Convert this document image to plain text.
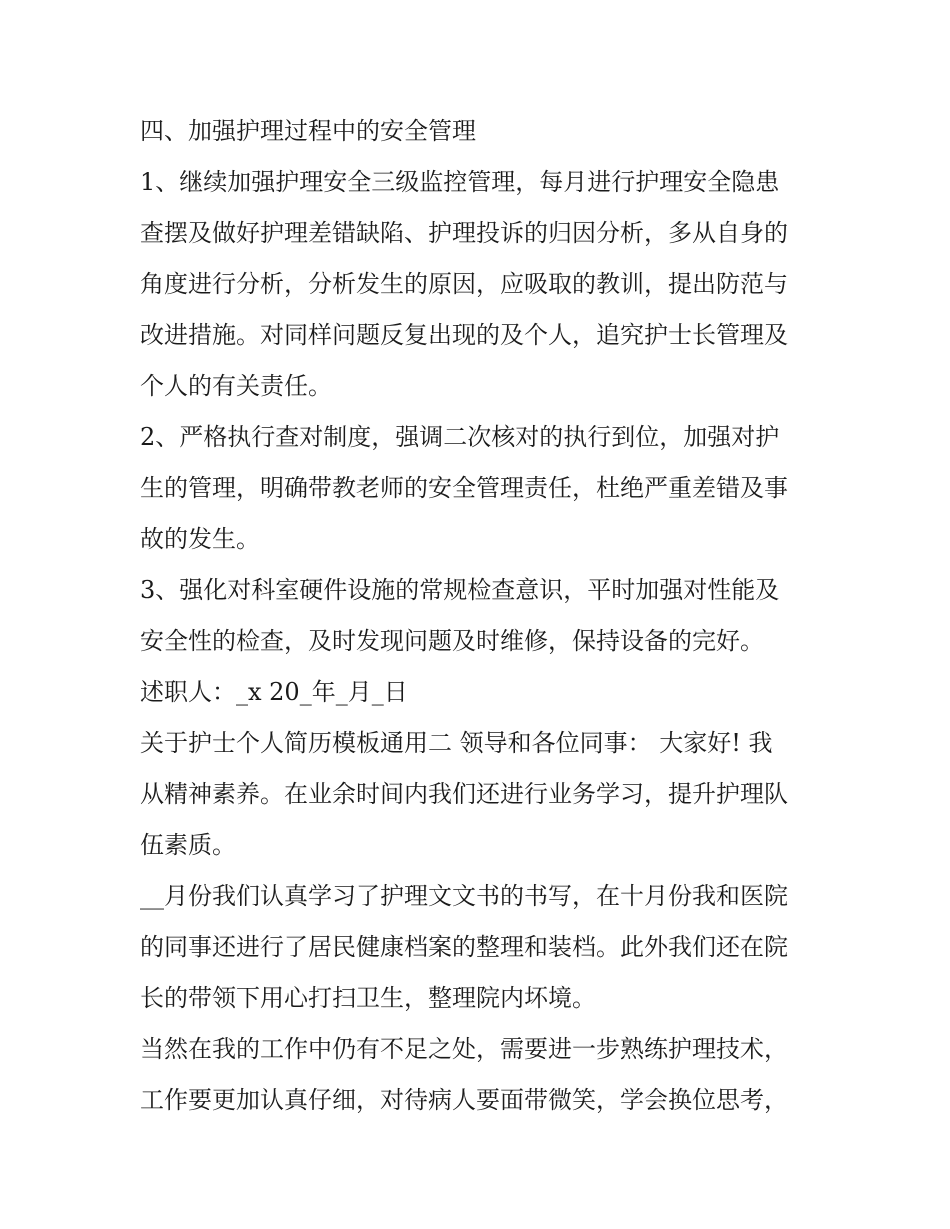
四、加强护理过程中的安全管理

1、继续加强护理安全三级监控管理，每月进行护理安全隐患

查摆及做好护理差错缺陷、护理投诉的归因分析，多从自身的

角度进行分析，分析发生的原因，应吸取的教训，提出防范与

改进措施。对同样问题反复出现的及个人，追究护士长管理及

个人的有关责任。

2、严格执行查对制度，强调二次核对的执行到位，加强对护

生的管理，明确带教老师的安全管理责任，杜绝严重差错及事

故的发生。

3、强化对科室硬件设施的常规检查意识，平时加强对性能及

安全性的检查，及时发现问题及时维修，保持设备的完好。

述职人：_x 20_年_月_日

关于护士个人简历模板通用二 领导和各位同事： 大家好! 我

从精神素养。在业余时间内我们还进行业务学习，提升护理队

伍素质。

__月份我们认真学习了护理文文书的书写，在十月份我和医院

的同事还进行了居民健康档案的整理和装档。此外我们还在院

长的带领下用心打扫卫生，整理院内坏境。

当然在我的工作中仍有不足之处，需要进一步熟练护理技术，

工作要更加认真仔细，对待病人要面带微笑，学会换位思考，
